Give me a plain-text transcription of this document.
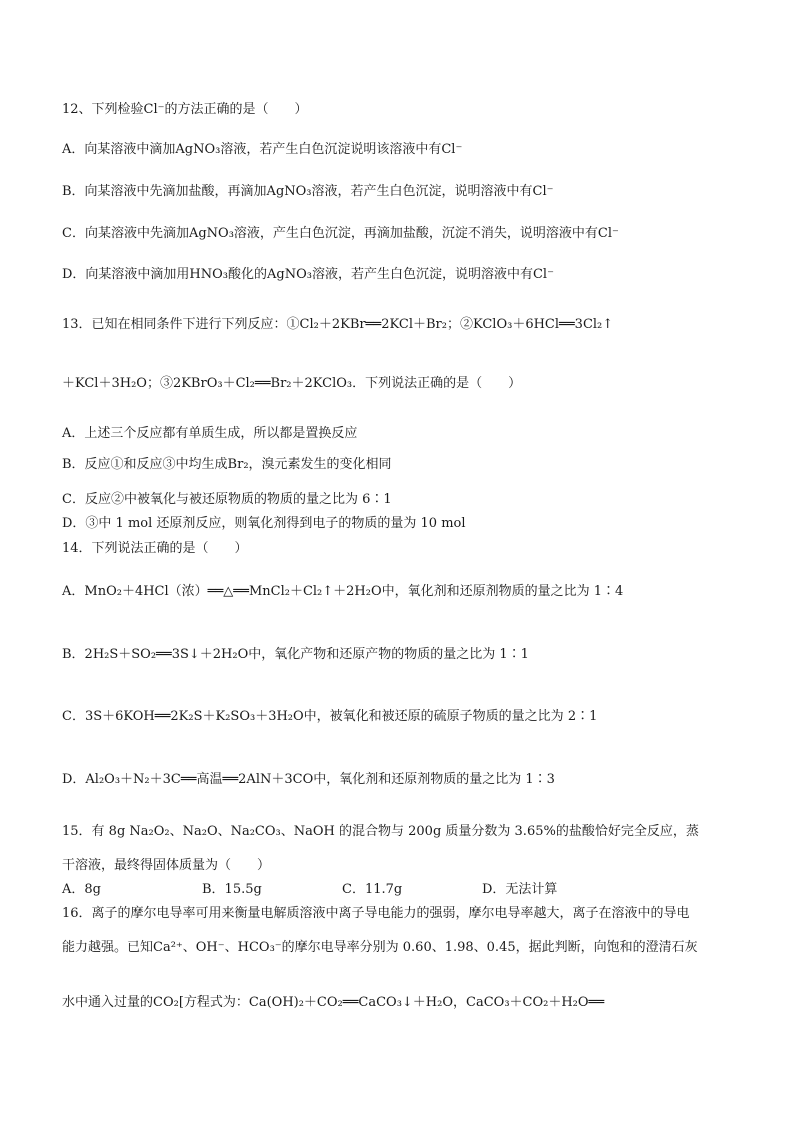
12、下列检验Cl⁻的方法正确的是（　　）
A．向某溶液中滴加AgNO₃溶液，若产生白色沉淀说明该溶液中有Cl⁻
B．向某溶液中先滴加盐酸，再滴加AgNO₃溶液，若产生白色沉淀，说明溶液中有Cl⁻
C．向某溶液中先滴加AgNO₃溶液，产生白色沉淀，再滴加盐酸，沉淀不消失，说明溶液中有Cl⁻
D．向某溶液中滴加用HNO₃酸化的AgNO₃溶液，若产生白色沉淀，说明溶液中有Cl⁻
13．已知在相同条件下进行下列反应：①Cl₂＋2KBr══2KCl＋Br₂；②KClO₃＋6HCl══3Cl₂↑
＋KCl＋3H₂O；③2KBrO₃＋Cl₂══Br₂＋2KClO₃．下列说法正确的是（　　）
A．上述三个反应都有单质生成，所以都是置换反应
B．反应①和反应③中均生成Br₂，溴元素发生的变化相同
C．反应②中被氧化与被还原物质的物质的量之比为 6∶1
D．③中 1 mol 还原剂反应，则氧化剂得到电子的物质的量为 10 mol
14．下列说法正确的是（　　）
A．MnO₂＋4HCl（浓）══△══MnCl₂＋Cl₂↑＋2H₂O中，氧化剂和还原剂物质的量之比为 1∶4
B．2H₂S＋SO₂══3S↓＋2H₂O中，氧化产物和还原产物的物质的量之比为 1∶1
C．3S＋6KOH══2K₂S＋K₂SO₃＋3H₂O中，被氧化和被还原的硫原子物质的量之比为 2∶1
D．Al₂O₃＋N₂＋3C══高温══2AlN＋3CO中，氧化剂和还原剂物质的量之比为 1∶3
15．有 8g Na₂O₂、Na₂O、Na₂CO₃、NaOH 的混合物与 200g 质量分数为 3.65%的盐酸恰好完全反应，蒸
干溶液，最终得固体质量为（　　）
A．8g	B．15.5g	C．11.7g	D．无法计算
16．离子的摩尔电导率可用来衡量电解质溶液中离子导电能力的强弱，摩尔电导率越大，离子在溶液中的导电
能力越强。已知Ca²⁺、OH⁻、HCO₃⁻的摩尔电导率分别为 0.60、1.98、0.45，据此判断，向饱和的澄清石灰
水中通入过量的CO₂[方程式为：Ca(OH)₂＋CO₂══CaCO₃↓＋H₂O，CaCO₃＋CO₂＋H₂O══
